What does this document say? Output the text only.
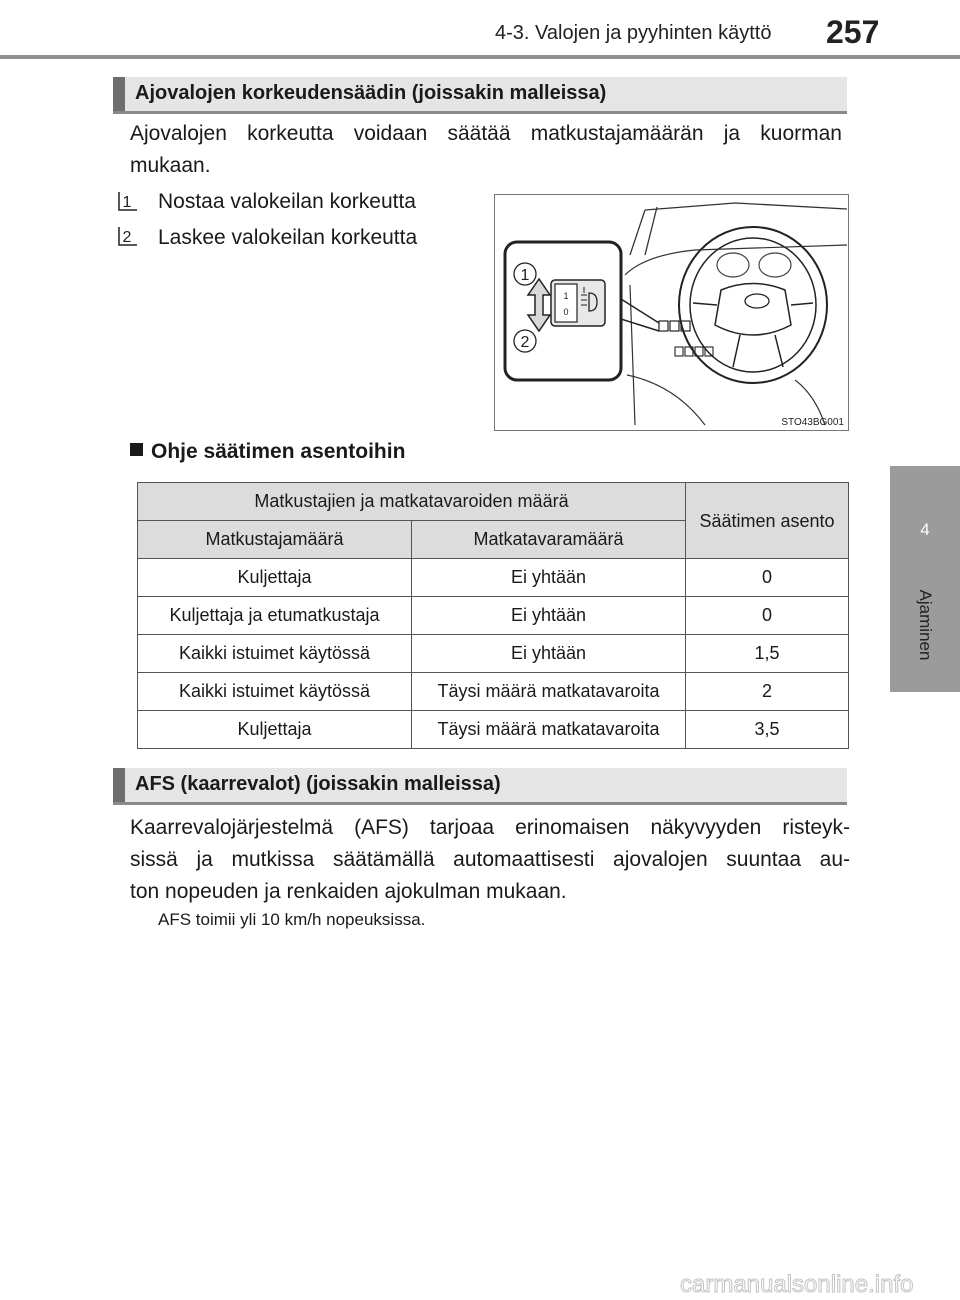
4-3. Valojen ja pyyhinten käyttö 257
4
Ajaminen
Ajovalojen korkeudensäädin (joissakin malleissa)
Ajovalojen korkeutta voidaan säätää matkustajamäärän ja kuorman mukaan.
1 Nostaa valokeilan korkeutta
2 Laskee valokeilan korkeutta
1
0
1
2
STO43BG001
Ohje säätimen asentoihin
Matkustajien ja matkatavaroiden määrä		Säätimen asento
Matkustajamäärä	Matkatavaramäärä	
Kuljettaja	Ei yhtään	0
Kuljettaja ja etumatkustaja	Ei yhtään	0
Kaikki istuimet käytössä	Ei yhtään	1,5
Kaikki istuimet käytössä	Täysi määrä matkatavaroita	2
Kuljettaja	Täysi määrä matkatavaroita	3,5
AFS (kaarrevalot) (joissakin malleissa)
Kaarrevalojärjestelmä (AFS) tarjoaa erinomaisen näkyvyyden risteyk-
sissä ja mutkissa säätämällä automaattisesti ajovalojen suuntaa au-
ton nopeuden ja renkaiden ajokulman mukaan.
AFS toimii yli 10 km/h nopeuksissa.
carmanualsonline.info
